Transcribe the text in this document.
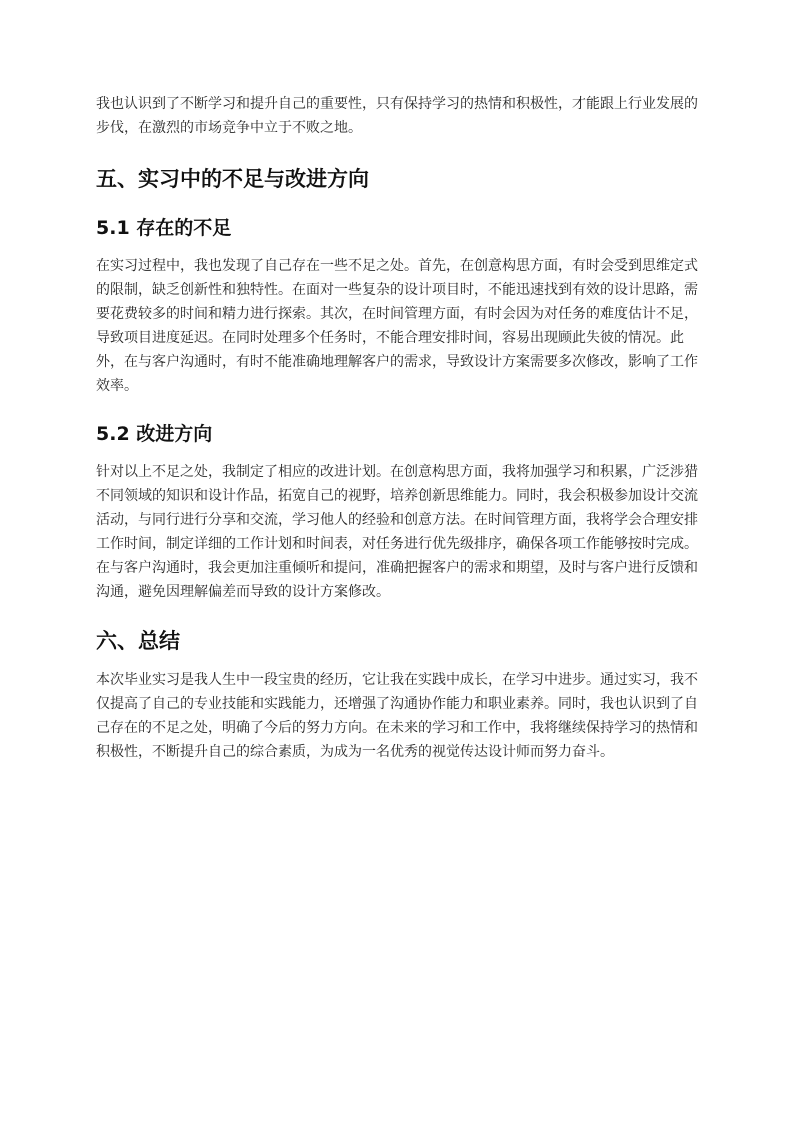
我也认识到了不断学习和提升自己的重要性，只有保持学习的热情和积极性，才能跟上行业发展的步伐，在激烈的市场竞争中立于不败之地。

五、实习中的不足与改进方向
5.1 存在的不足

在实习过程中，我也发现了自己存在一些不足之处。首先，在创意构思方面，有时会受到思维定式的限制，缺乏创新性和独特性。在面对一些复杂的设计项目时，不能迅速找到有效的设计思路，需要花费较多的时间和精力进行探索。其次，在时间管理方面，有时会因为对任务的难度估计不足，导致项目进度延迟。在同时处理多个任务时，不能合理安排时间，容易出现顾此失彼的情况。此外，在与客户沟通时，有时不能准确地理解客户的需求，导致设计方案需要多次修改，影响了工作效率。

5.2 改进方向

针对以上不足之处，我制定了相应的改进计划。在创意构思方面，我将加强学习和积累，广泛涉猎不同领域的知识和设计作品，拓宽自己的视野，培养创新思维能力。同时，我会积极参加设计交流活动，与同行进行分享和交流，学习他人的经验和创意方法。在时间管理方面，我将学会合理安排工作时间，制定详细的工作计划和时间表，对任务进行优先级排序，确保各项工作能够按时完成。在与客户沟通时，我会更加注重倾听和提问，准确把握客户的需求和期望，及时与客户进行反馈和沟通，避免因理解偏差而导致的设计方案修改。

六、总结

本次毕业实习是我人生中一段宝贵的经历，它让我在实践中成长，在学习中进步。通过实习，我不仅提高了自己的专业技能和实践能力，还增强了沟通协作能力和职业素养。同时，我也认识到了自己存在的不足之处，明确了今后的努力方向。在未来的学习和工作中，我将继续保持学习的热情和积极性，不断提升自己的综合素质，为成为一名优秀的视觉传达设计师而努力奋斗。
